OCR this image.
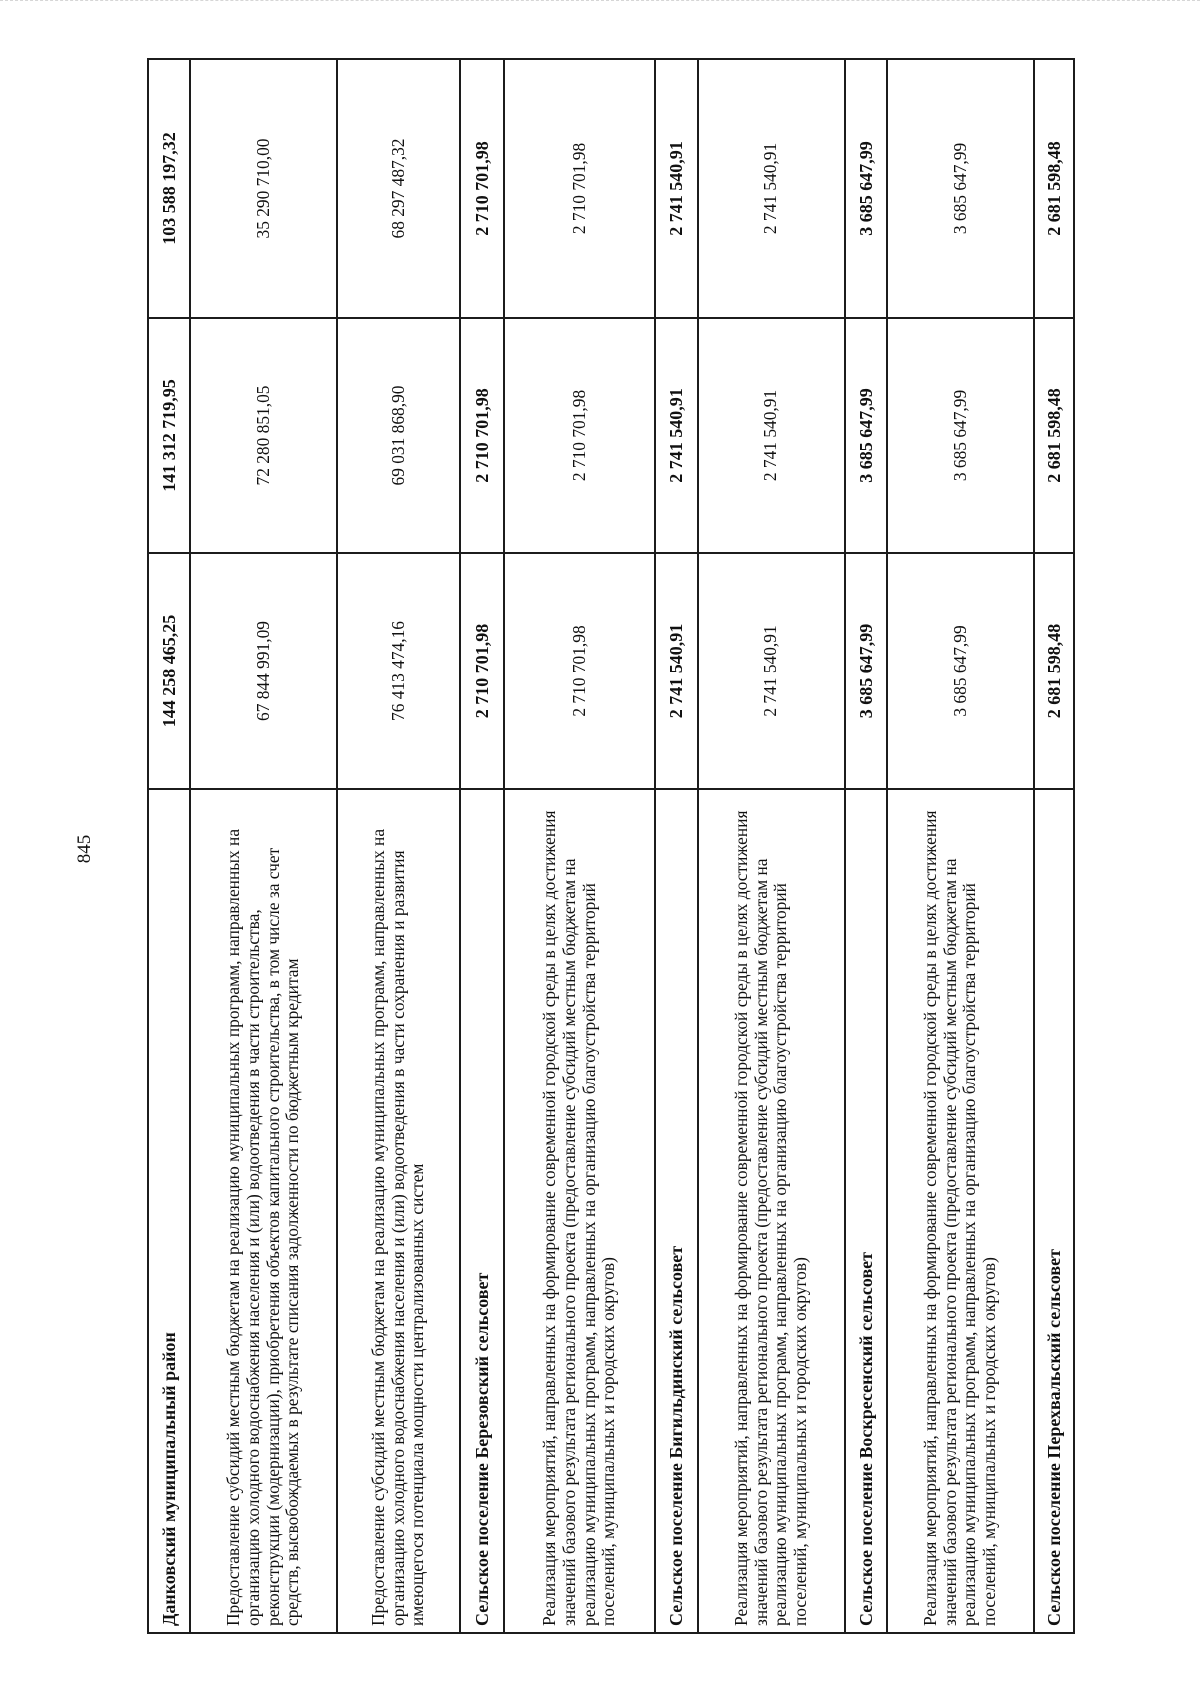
845
Данковский муниципальный район	144 258 465,25	141 312 719,95	103 588 197,32
Предоставление субсидий местным бюджетам на реализацию муниципальных программ, направленных на организацию холодного водоснабжения населения и (или) водоотведения в части строительства, реконструкции (модернизации), приобретения объектов капитального строительства, в том числе за счет средств, высвобождаемых в результате списания задолженности по бюджетным кредитам	67 844 991,09	72 280 851,05	35 290 710,00
Предоставление субсидий местным бюджетам на реализацию муниципальных программ, направленных на организацию холодного водоснабжения населения и (или) водоотведения в части сохранения и развития имеющегося потенциала мощности централизованных систем	76 413 474,16	69 031 868,90	68 297 487,32
Сельское поселение Березовский сельсовет	2 710 701,98	2 710 701,98	2 710 701,98
Реализация мероприятий, направленных на формирование современной городской среды в целях достижения значений базового результата регионального проекта (предоставление субсидий местным бюджетам на реализацию муниципальных программ, направленных на организацию благоустройства территорий поселений, муниципальных и городских округов)	2 710 701,98	2 710 701,98	2 710 701,98
Сельское поселение Бигильдинский сельсовет	2 741 540,91	2 741 540,91	2 741 540,91
Реализация мероприятий, направленных на формирование современной городской среды в целях достижения значений базового результата регионального проекта (предоставление субсидий местным бюджетам на реализацию муниципальных программ, направленных на организацию благоустройства территорий поселений, муниципальных и городских округов)	2 741 540,91	2 741 540,91	2 741 540,91
Сельское поселение Воскресенский сельсовет	3 685 647,99	3 685 647,99	3 685 647,99
Реализация мероприятий, направленных на формирование современной городской среды в целях достижения значений базового результата регионального проекта (предоставление субсидий местным бюджетам на реализацию муниципальных программ, направленных на организацию благоустройства территорий поселений, муниципальных и городских округов)	3 685 647,99	3 685 647,99	3 685 647,99
Сельское поселение Перехвальский сельсовет	2 681 598,48	2 681 598,48	2 681 598,48
